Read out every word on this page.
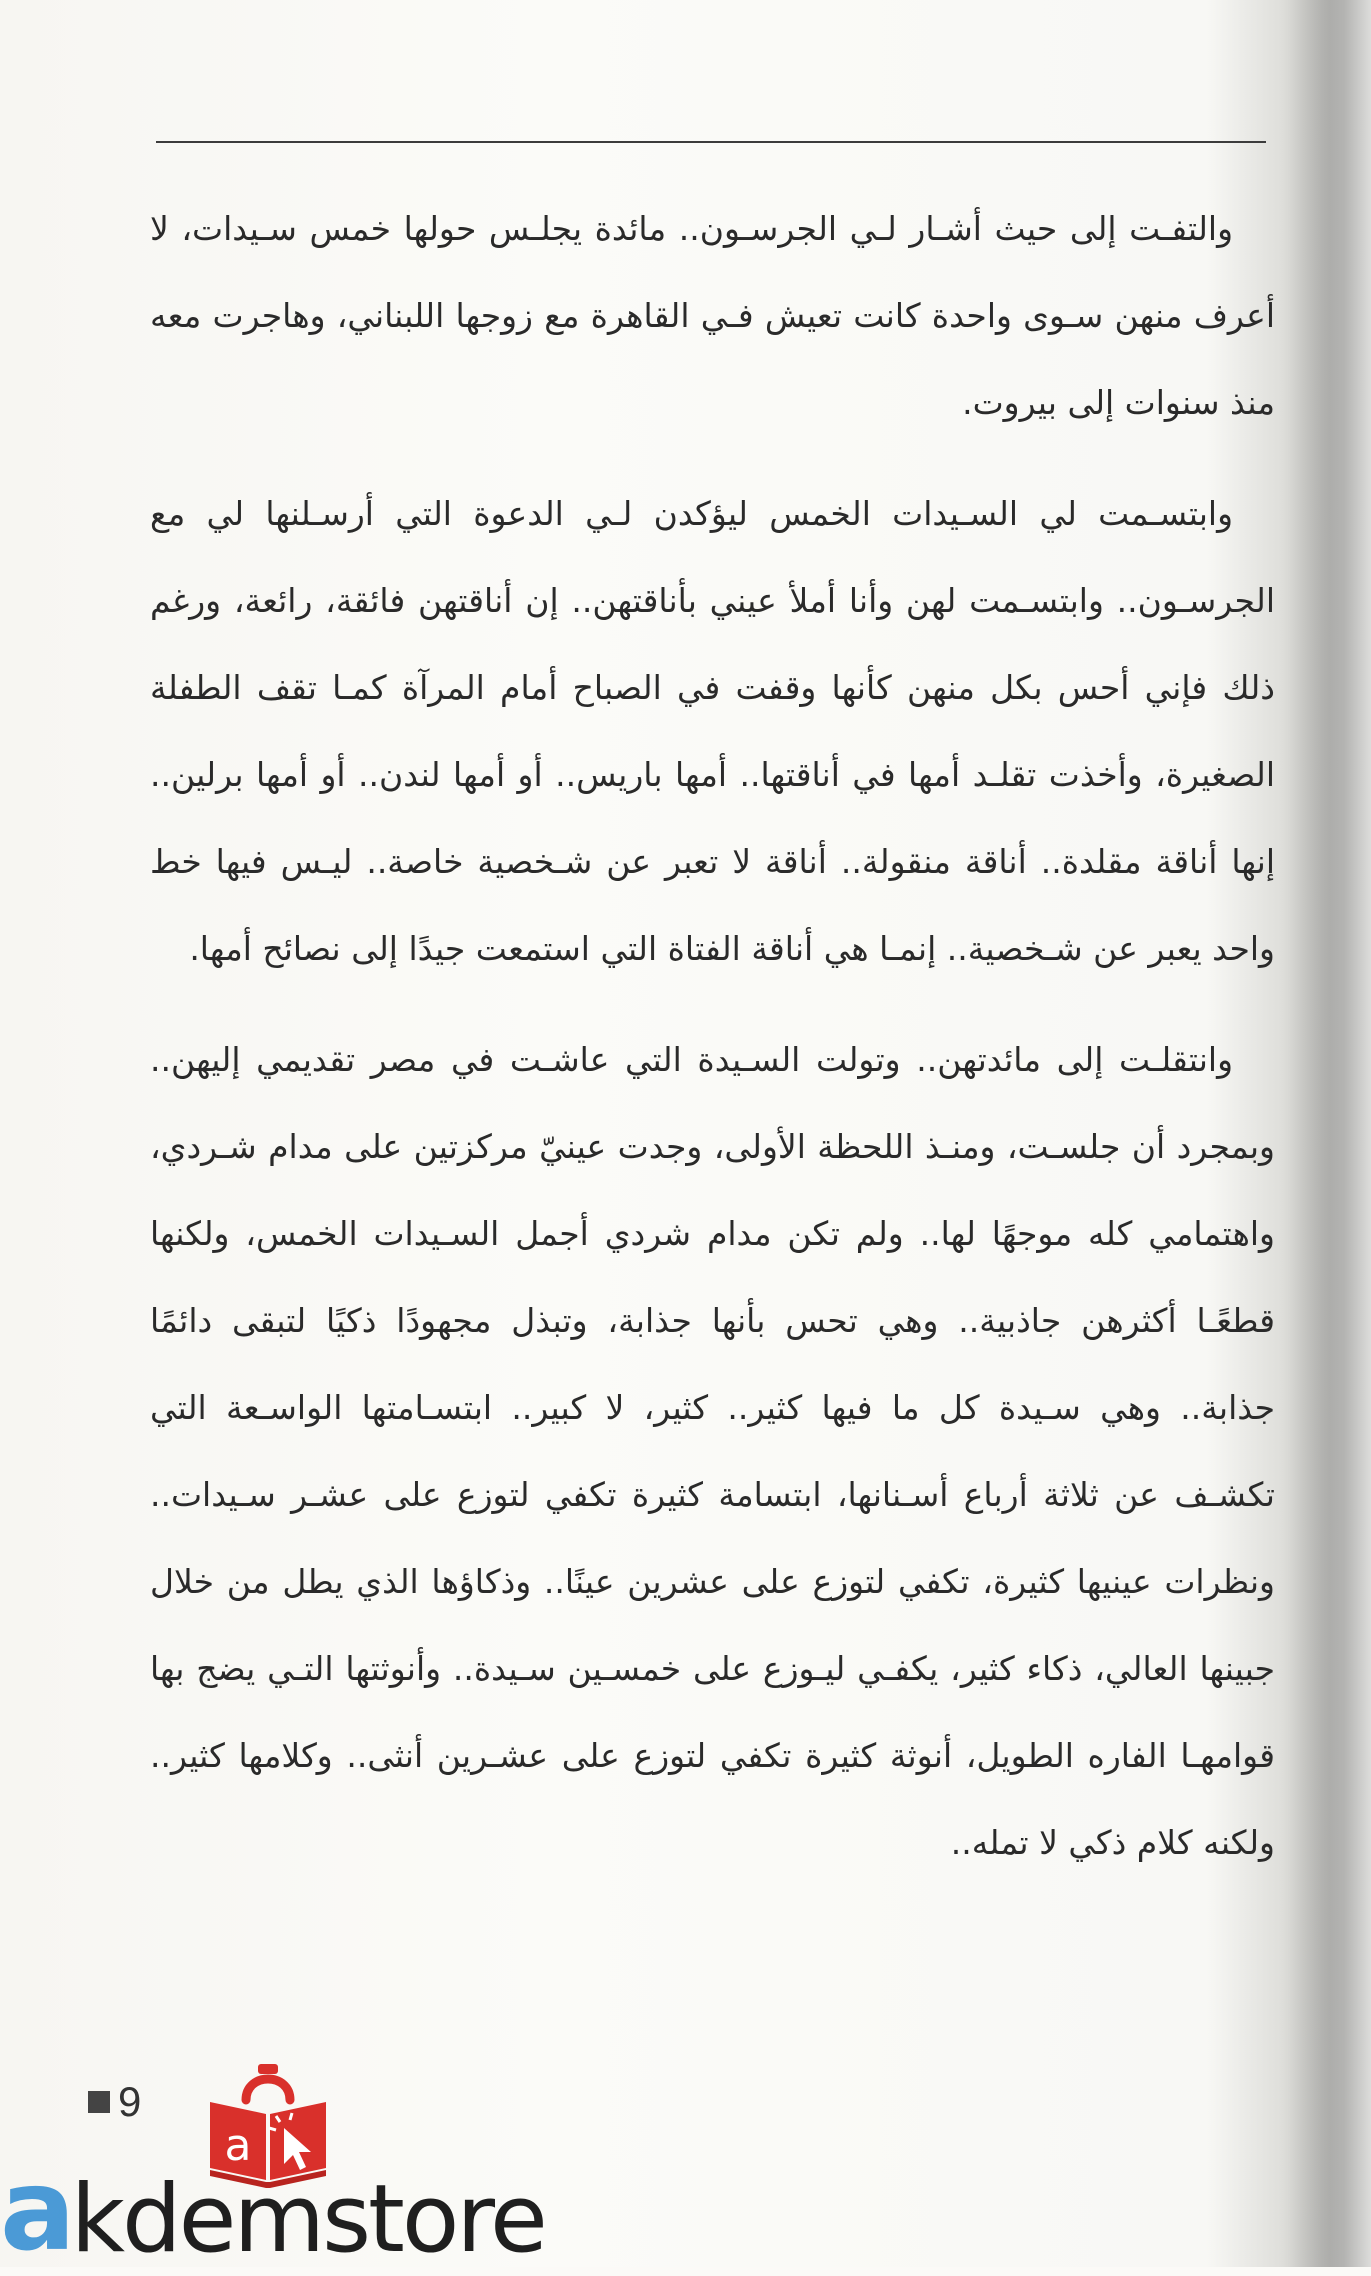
والتفـت إلى حيث أشـار لـي الجرسـون.. مائدة يجلـس حولها خمس سـيدات، لا أعرف منهن سـوى واحدة كانت تعيش فـي القاهرة مع زوجها اللبناني، وهاجرت معه منذ سنوات إلى بيروت.

وابتسـمت لي السـيدات الخمس ليؤكدن لـي الدعوة التي أرسـلنها لي مع الجرسـون.. وابتسـمت لهن وأنا أملأ عيني بأناقتهن.. إن أناقتهن فائقة، رائعة، ورغم ذلك فإني أحس بكل منهن كأنها وقفت في الصباح أمام المرآة كمـا تقف الطفلة الصغيرة، وأخذت تقلـد أمها في أناقتها.. أمها باريس.. أو أمها لندن.. أو أمها برلين.. إنها أناقة مقلدة.. أناقة منقولة.. أناقة لا تعبر عن شـخصية خاصة.. ليـس فيها خط واحد يعبر عن شـخصية.. إنمـا هي أناقة الفتاة التي استمعت جيدًا إلى نصائح أمها.

وانتقلـت إلى مائدتهن.. وتولت السـيدة التي عاشـت في مصر تقديمي إليهن.. وبمجرد أن جلسـت، ومنـذ اللحظة الأولى، وجدت عينيّ مركزتين على مدام شـردي، واهتمامي كله موجهًا لها.. ولم تكن مدام شردي أجمل السـيدات الخمس، ولكنها قطعًـا أكثرهن جاذبية.. وهي تحس بأنها جذابة، وتبذل مجهودًا ذكيًا لتبقى دائمًا جذابة.. وهي سـيدة كل ما فيها كثير.. كثير، لا كبير.. ابتسـامتها الواسـعة التي تكشـف عن ثلاثة أرباع أسـنانها، ابتسامة كثيرة تكفي لتوزع على عشـر سـيدات.. ونظرات عينيها كثيرة، تكفي لتوزع على عشرين عينًا.. وذكاؤها الذي يطل من خلال جبينها العالي، ذكاء كثير، يكفـي ليـوزع على خمسـين سـيدة.. وأنوثتها التـي يضج بها قوامهـا الفاره الطويل، أنوثة كثيرة تكفي لتوزع على عشـرين أنثى.. وكلامها كثير.. ولكنه كلام ذكي لا تمله..

9
a
a
kdemstore
